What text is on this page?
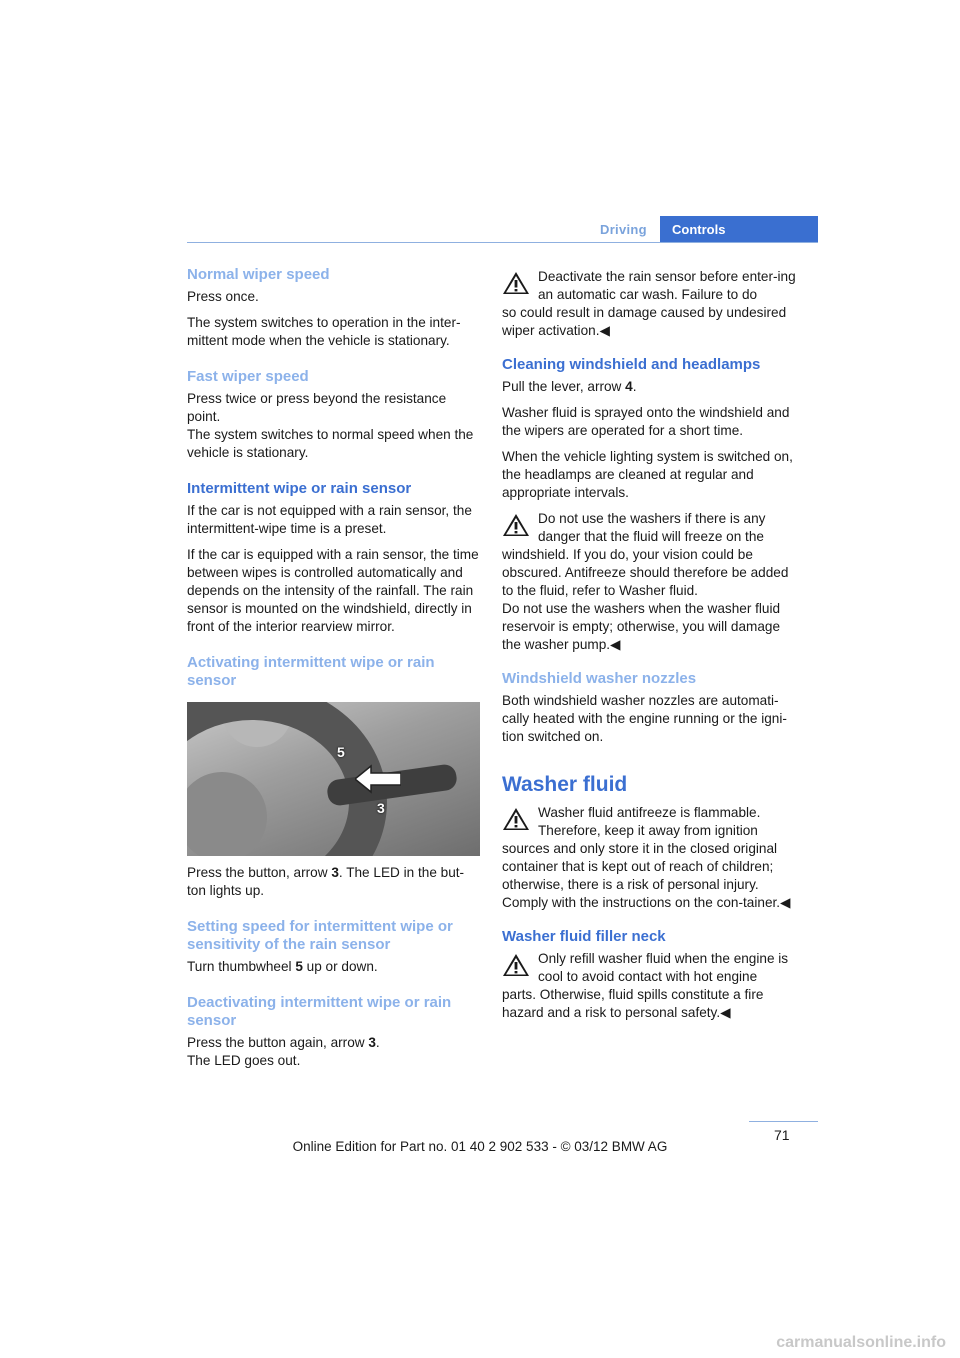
Driving	Controls
Normal wiper speed

Press once.

The system switches to operation in the inter-mittent mode when the vehicle is stationary.

Fast wiper speed

Press twice or press beyond the resistance point.

The system switches to normal speed when the vehicle is stationary.

Intermittent wipe or rain sensor

If the car is not equipped with a rain sensor, the intermittent-wipe time is a preset.

If the car is equipped with a rain sensor, the time between wipes is controlled automatically and depends on the intensity of the rainfall. The rain sensor is mounted on the windshield, directly in front of the interior rearview mirror.

Activating intermittent wipe or rain sensor
5
3

Press the button, arrow 3. The LED in the but-ton lights up.

Setting speed for intermittent wipe or sensitivity of the rain sensor

Turn thumbwheel 5 up or down.

Deactivating intermittent wipe or rain sensor

Press the button again, arrow 3.

The LED goes out.

Deactivate the rain sensor before enter-ing an automatic car wash. Failure to do

so could result in damage caused by undesired wiper activation.◀

Cleaning windshield and headlamps

Pull the lever, arrow 4.

Washer fluid is sprayed onto the windshield and the wipers are operated for a short time.

When the vehicle lighting system is switched on, the headlamps are cleaned at regular and appropriate intervals.

Do not use the washers if there is any danger that the fluid will freeze on the

windshield. If you do, your vision could be obscured. Antifreeze should therefore be added to the fluid, refer to Washer fluid.

Do not use the washers when the washer fluid reservoir is empty; otherwise, you will damage the washer pump.◀

Windshield washer nozzles

Both windshield washer nozzles are automati-cally heated with the engine running or the igni-tion switched on.

Washer fluid

Washer fluid antifreeze is flammable. Therefore, keep it away from ignition

sources and only store it in the closed original container that is kept out of reach of children; otherwise, there is a risk of personal injury. Comply with the instructions on the con-tainer.◀

Washer fluid filler neck

Only refill washer fluid when the engine is cool to avoid contact with hot engine

parts. Otherwise, fluid spills constitute a fire hazard and a risk to personal safety.◀

71
Online Edition for Part no. 01 40 2 902 533 - © 03/12 BMW AG
carmanualsonline.info
